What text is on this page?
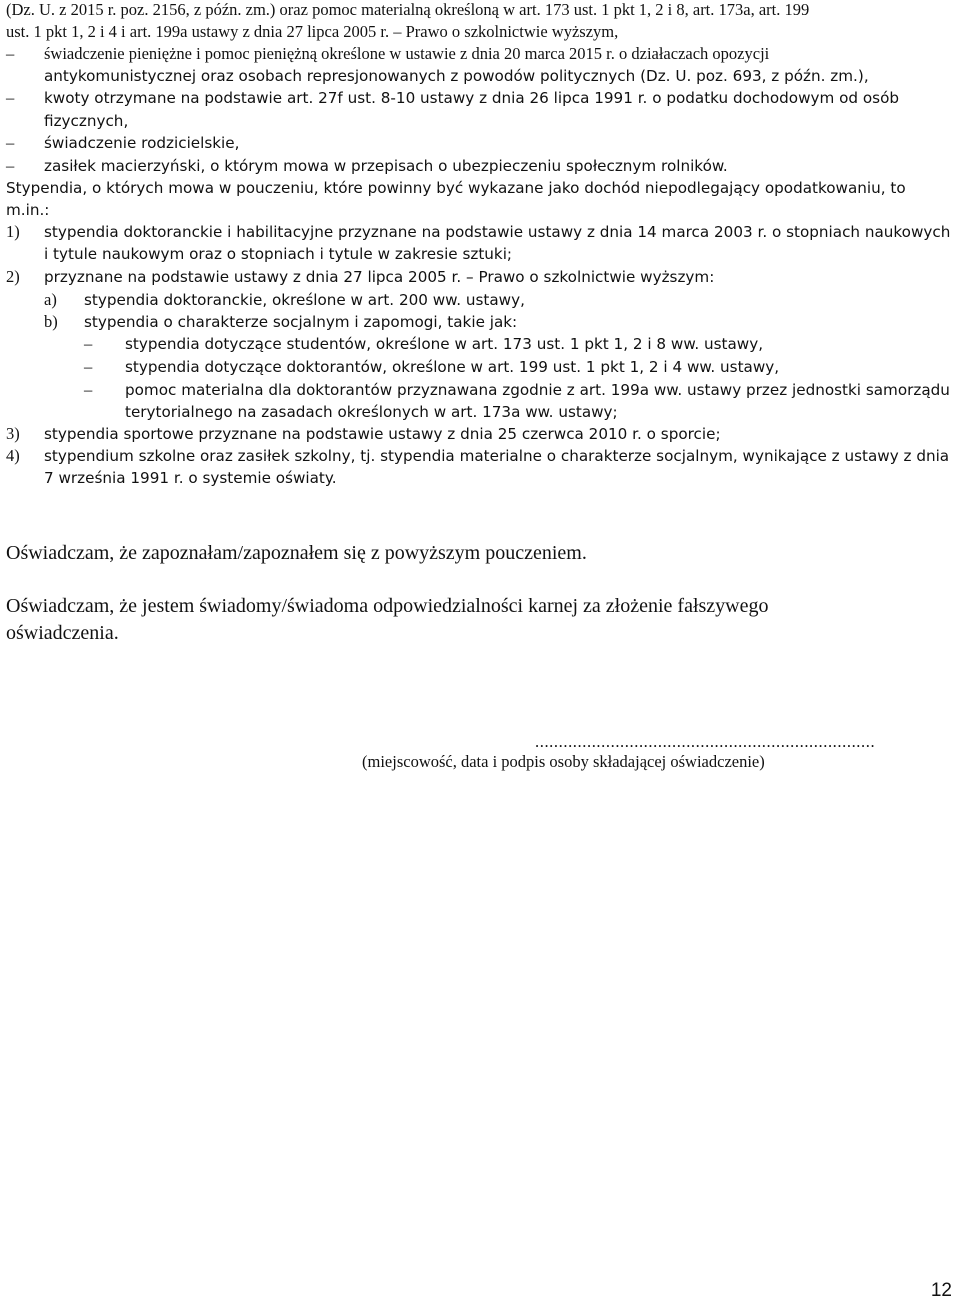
(Dz. U. z 2015 r. poz. 2156, z późn. zm.) oraz pomoc materialną określoną w art. 173 ust. 1 pkt 1, 2 i 8, art. 173a, art. 199
ust. 1 pkt 1, 2 i 4 i art. 199a ustawy z dnia 27 lipca 2005 r. – Prawo o szkolnictwie wyższym,
– świadczenie pieniężne i pomoc pieniężną określone w ustawie z dnia 20 marca 2015 r. o działaczach opozycji
antykomunistycznej oraz osobach represjonowanych z powodów politycznych (Dz. U. poz. 693, z późn. zm.),
– kwoty otrzymane na podstawie art. 27f ust. 8-10 ustawy z dnia 26 lipca 1991 r. o podatku dochodowym od osób
fizycznych,
– świadczenie rodzicielskie,
– zasiłek macierzyński, o którym mowa w przepisach o ubezpieczeniu społecznym rolników.
Stypendia, o których mowa w pouczeniu, które powinny być wykazane jako dochód niepodlegający opodatkowaniu, to
m.in.:
1) stypendia doktoranckie i habilitacyjne przyznane na podstawie ustawy z dnia 14 marca 2003 r. o stopniach naukowych
i tytule naukowym oraz o stopniach i tytule w zakresie sztuki;
2) przyznane na podstawie ustawy z dnia 27 lipca 2005 r. – Prawo o szkolnictwie wyższym:
a) stypendia doktoranckie, określone w art. 200 ww. ustawy,
b) stypendia o charakterze socjalnym i zapomogi, takie jak:
– stypendia dotyczące studentów, określone w art. 173 ust. 1 pkt 1, 2 i 8 ww. ustawy,
– stypendia dotyczące doktorantów, określone w art. 199 ust. 1 pkt 1, 2 i 4 ww. ustawy,
– pomoc materialna dla doktorantów przyznawana zgodnie z art. 199a ww. ustawy przez jednostki samorządu
terytorialnego na zasadach określonych w art. 173a ww. ustawy;
3) stypendia sportowe przyznane na podstawie ustawy z dnia 25 czerwca 2010 r. o sporcie;
4) stypendium szkolne oraz zasiłek szkolny, tj. stypendia materialne o charakterze socjalnym, wynikające z ustawy z dnia
7 września 1991 r. o systemie oświaty.
Oświadczam, że zapoznałam/zapoznałem się z powyższym pouczeniem.
Oświadczam, że jestem świadomy/świadoma odpowiedzialności karnej za złożenie fałszywego
oświadczenia.
........................................................................
(miejscowość, data i podpis osoby składającej oświadczenie)
12
